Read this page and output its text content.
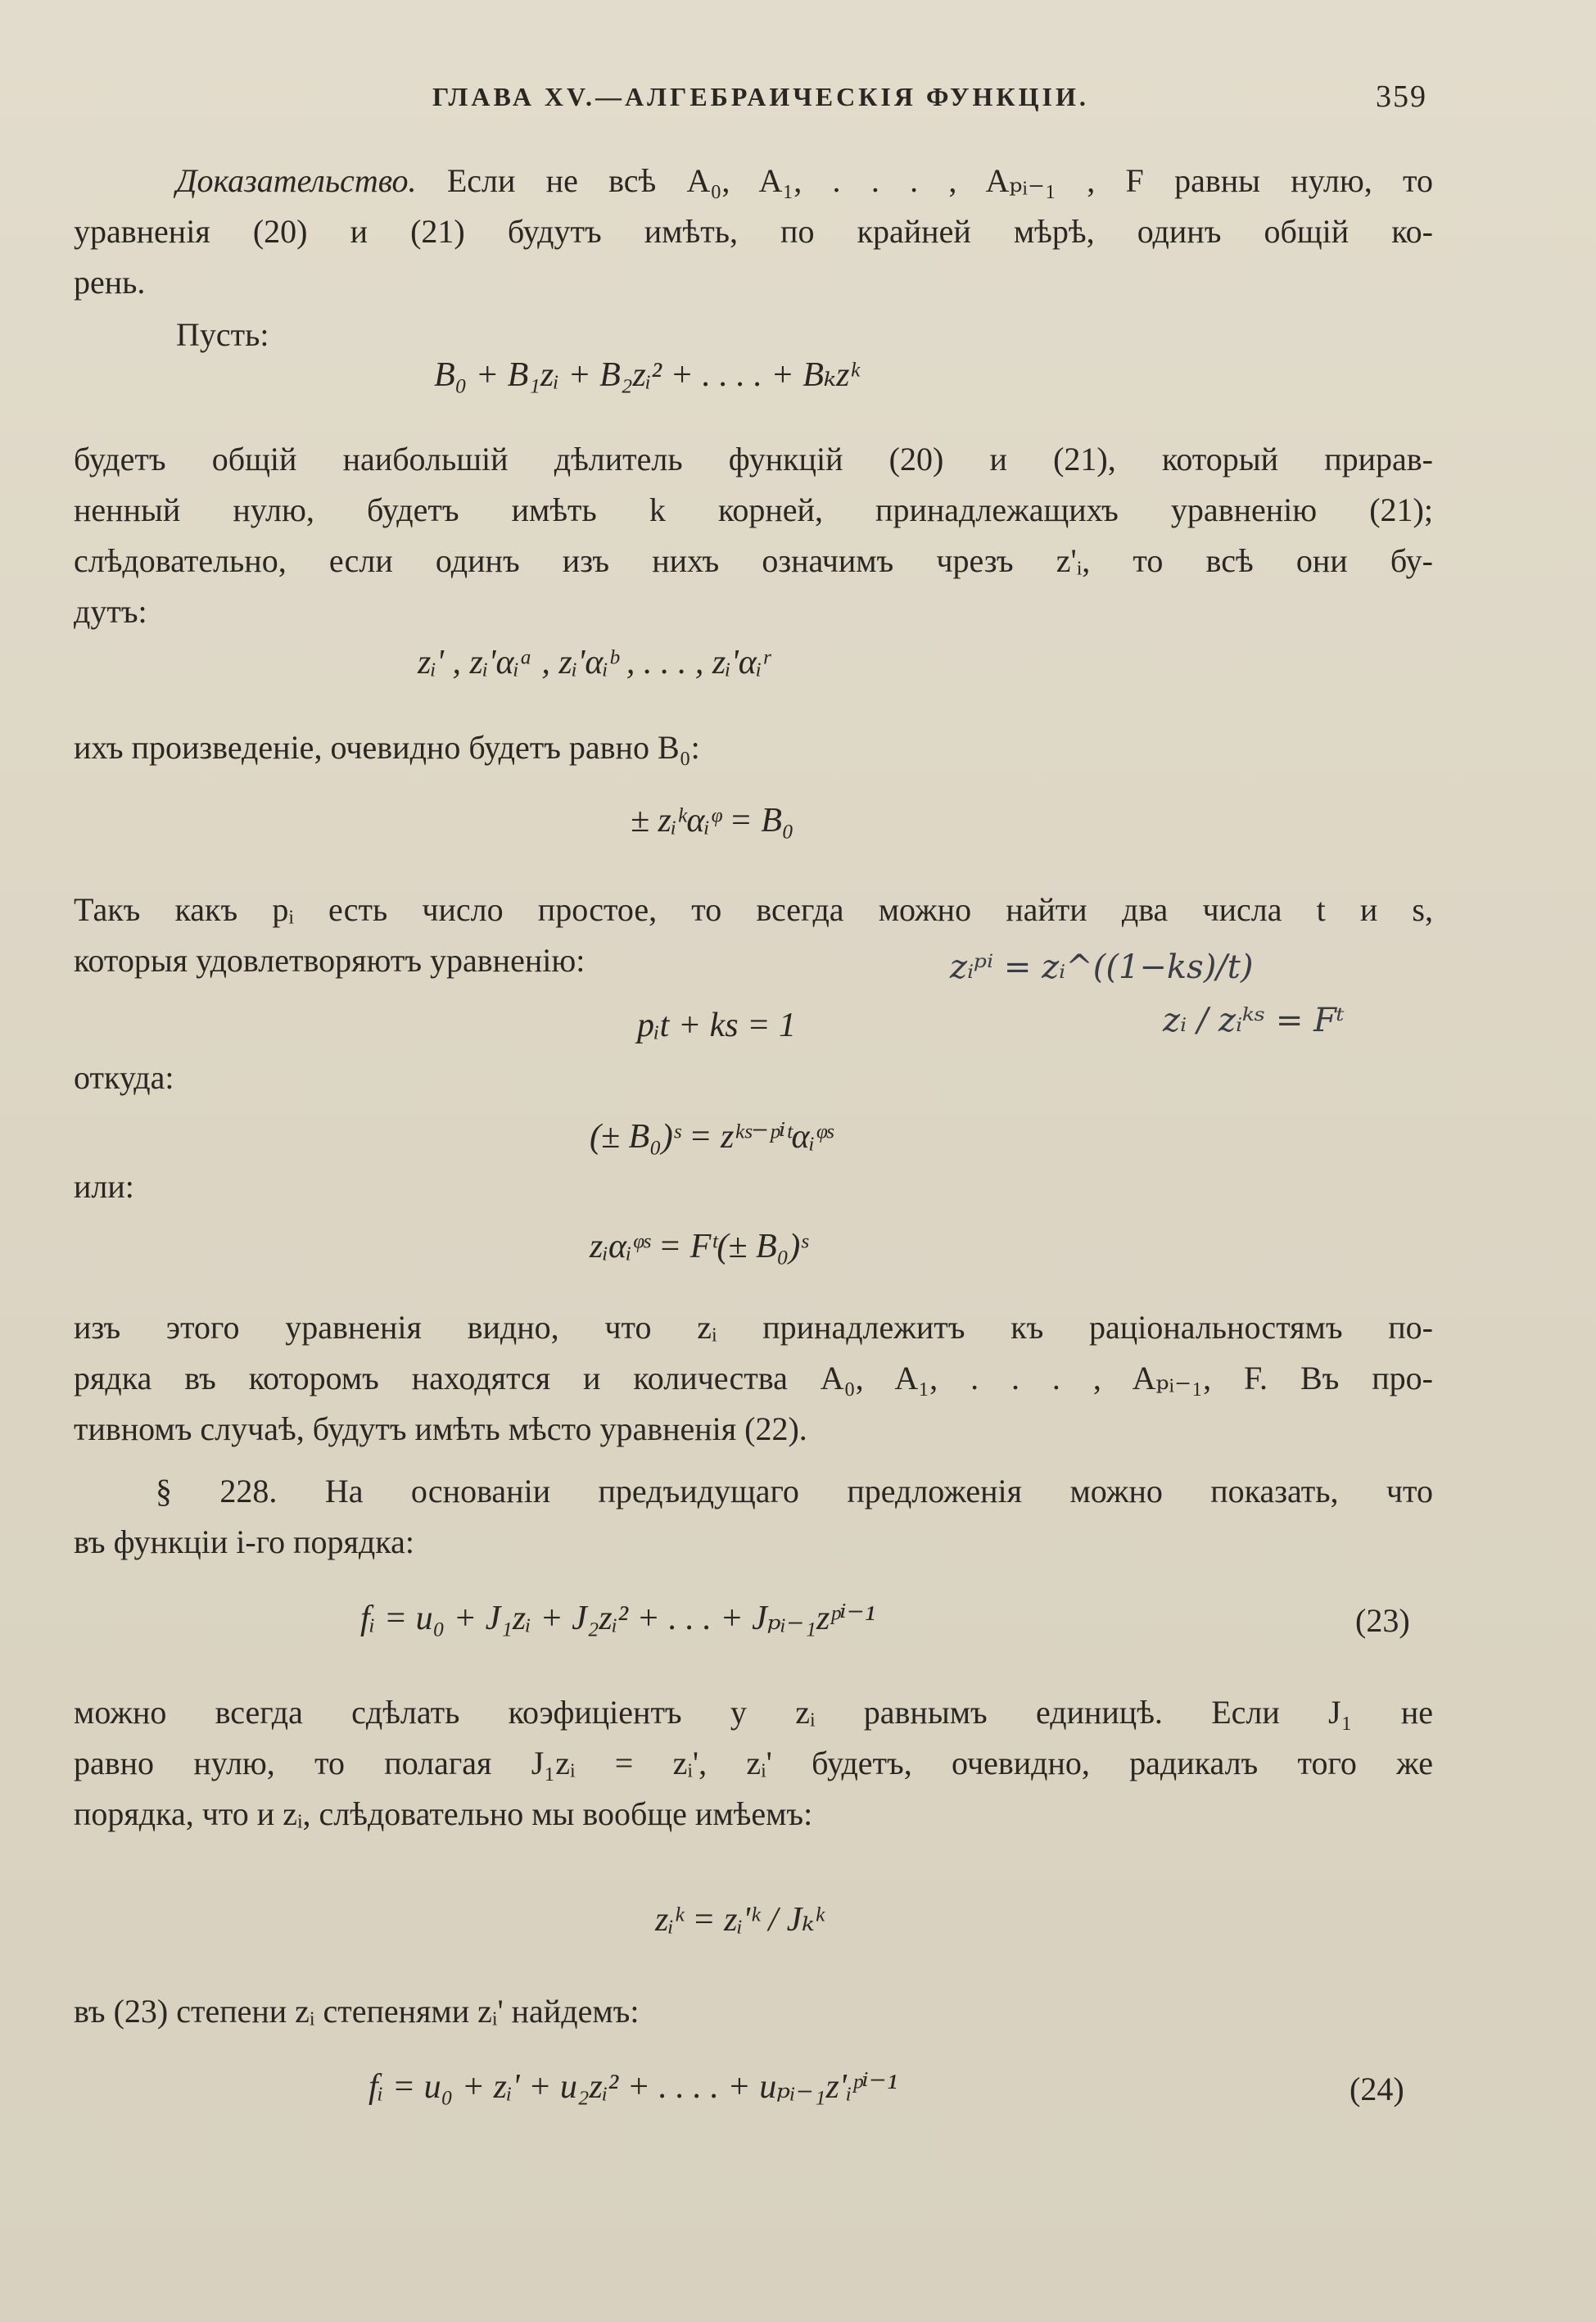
ГЛАВА XV.—АЛГЕБРАИЧЕСКІЯ ФУНКЦІИ.	359

Доказательство. Если не всѣ A₀, A₁, . . . , Aₚᵢ₋₁ , F равны нулю, то
уравненія (20) и (21) будутъ имѣть, по крайней мѣрѣ, одинъ общій ко-
рень.

Пусть:

B₀ + B₁zᵢ + B₂zᵢ² + . . . . + Bₖzᵏ

будетъ общій наибольшій дѣлитель функцій (20) и (21), который прирав-
ненный нулю, будетъ имѣть k корней, принадлежащихъ уравненію (21);
слѣдовательно, если одинъ изъ нихъ означимъ чрезъ z'ᵢ, то всѣ они бу-
дутъ:

zᵢ' , zᵢ'αᵢᵃ , zᵢ'αᵢᵇ , . . . , zᵢ'αᵢʳ

ихъ произведеніе, очевидно будетъ равно B₀:

± zᵢᵏαᵢᵠ = B₀

Такъ какъ pᵢ есть число простое, то всегда можно найти два числа t и s,
которыя удовлетворяютъ уравненію:

pᵢt + ks = 1

откуда:

(± B₀)ˢ = zᵏˢ⁻ᵖⁱᵗαᵢᵠˢ

или:

zᵢαᵢᵠˢ = Fᵗ(± B₀)ˢ

изъ этого уравненія видно, что zᵢ принадлежитъ къ раціональностямъ по-
рядка въ которомъ находятся и количества A₀, A₁, . . . , Aₚᵢ₋₁, F. Въ про-
тивномъ случаѣ, будутъ имѣть мѣсто уравненія (22).
§ 228. На основаніи предъидущаго предложенія можно показать, что
въ функціи i-го порядка:

fᵢ = u₀ + J₁zᵢ + J₂zᵢ² + . . . + Jₚᵢ₋₁zᵖⁱ⁻¹	(23)

можно всегда сдѣлать коэфиціентъ у zᵢ равнымъ единицѣ. Если J₁ не
равно нулю, то полагая J₁zᵢ = zᵢ', zᵢ' будетъ, очевидно, радикалъ того же
порядка, что и zᵢ, слѣдовательно мы вообще имѣемъ:

zᵢᵏ = zᵢ'ᵏ / Jₖᵏ

въ (23) степени zᵢ степенями zᵢ' найдемъ:

fᵢ = u₀ + zᵢ' + u₂zᵢ² + . . . . + uₚᵢ₋₁z'ᵢᵖⁱ⁻¹	(24)

zᵢᵖⁱ = zᵢ^((1−ks)/t)

zᵢ / zᵢᵏˢ = Fᵗ
